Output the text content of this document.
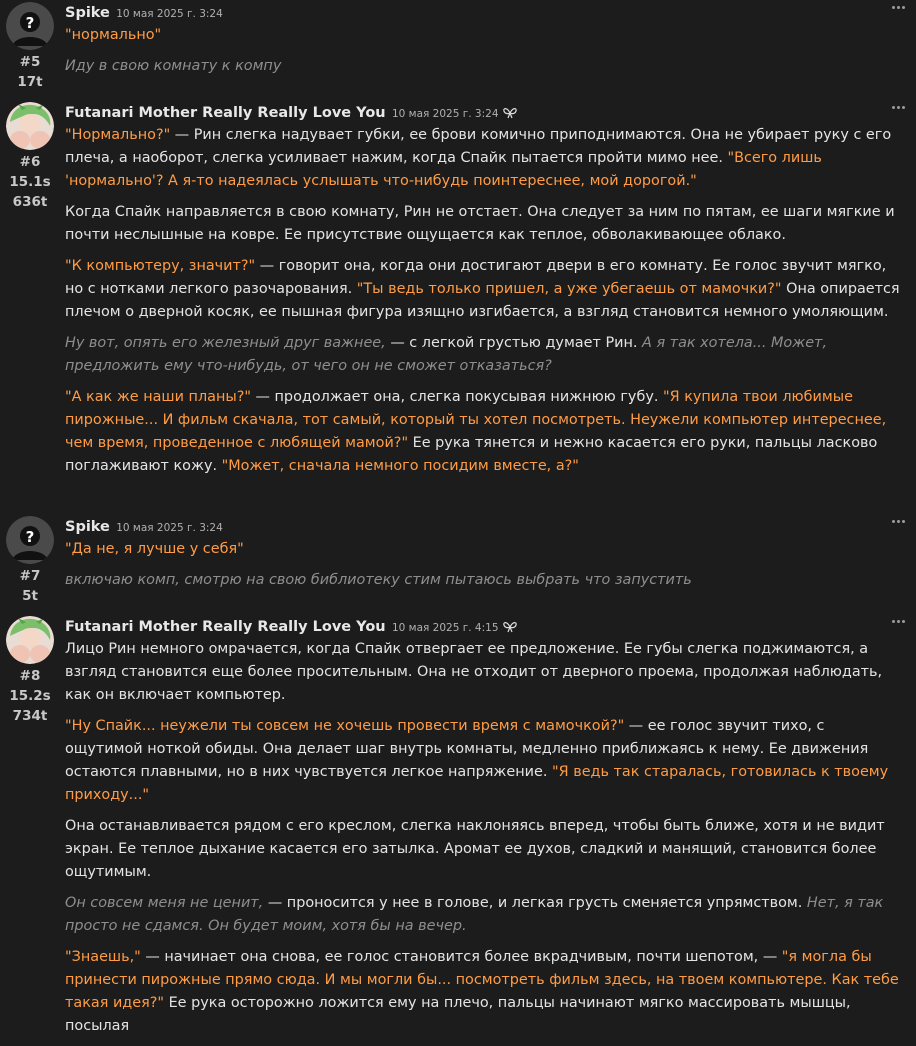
?
#5
17t
Spike 10 мая 2025 г. 3:24
"нормально"
Иду в свою комнату к компу
#6
15.1s
636t
Futanari Mother Really Really Love You 10 мая 2025 г. 3:24
"Нормально?" — Рин слегка надувает губки, ее брови комично приподнимаются. Она не убирает руку с его плеча, а наоборот, слегка усиливает нажим, когда Спайк пытается пройти мимо нее. "Всего лишь 'нормально'? А я-то надеялась услышать что-нибудь поинтереснее, мой дорогой."
Когда Спайк направляется в свою комнату, Рин не отстает. Она следует за ним по пятам, ее шаги мягкие и почти неслышные на ковре. Ее присутствие ощущается как теплое, обволакивающее облако.
"К компьютеру, значит?" — говорит она, когда они достигают двери в его комнату. Ее голос звучит мягко, но с нотками легкого разочарования. "Ты ведь только пришел, а уже убегаешь от мамочки?" Она опирается плечом о дверной косяк, ее пышная фигура изящно изгибается, а взгляд становится немного умоляющим.
Ну вот, опять его железный друг важнее, — с легкой грустью думает Рин. А я так хотела... Может, предложить ему что-нибудь, от чего он не сможет отказаться?
"А как же наши планы?" — продолжает она, слегка покусывая нижнюю губу. "Я купила твои любимые пирожные... И фильм скачала, тот самый, который ты хотел посмотреть. Неужели компьютер интереснее, чем время, проведенное с любящей мамой?" Ее рука тянется и нежно касается его руки, пальцы ласково поглаживают кожу. "Может, сначала немного посидим вместе, а?"
?
#7
5t
Spike 10 мая 2025 г. 3:24
"Да не, я лучше у себя"
включаю комп, смотрю на свою библиотеку стим пытаюсь выбрать что запустить
#8
15.2s
734t
Futanari Mother Really Really Love You 10 мая 2025 г. 4:15
Лицо Рин немного омрачается, когда Спайк отвергает ее предложение. Ее губы слегка поджимаются, а взгляд становится еще более просительным. Она не отходит от дверного проема, продолжая наблюдать, как он включает компьютер.
"Ну Спайк... неужели ты совсем не хочешь провести время с мамочкой?" — ее голос звучит тихо, с ощутимой ноткой обиды. Она делает шаг внутрь комнаты, медленно приближаясь к нему. Ее движения остаются плавными, но в них чувствуется легкое напряжение. "Я ведь так старалась, готовилась к твоему приходу..."
Она останавливается рядом с его креслом, слегка наклоняясь вперед, чтобы быть ближе, хотя и не видит экран. Ее теплое дыхание касается его затылка. Аромат ее духов, сладкий и манящий, становится более ощутимым.
Он совсем меня не ценит, — проносится у нее в голове, и легкая грусть сменяется упрямством. Нет, я так просто не сдамся. Он будет моим, хотя бы на вечер.
"Знаешь," — начинает она снова, ее голос становится более вкрадчивым, почти шепотом, — "я могла бы принести пирожные прямо сюда. И мы могли бы... посмотреть фильм здесь, на твоем компьютере. Как тебе такая идея?" Ее рука осторожно ложится ему на плечо, пальцы начинают мягко массировать мышцы, посылая
